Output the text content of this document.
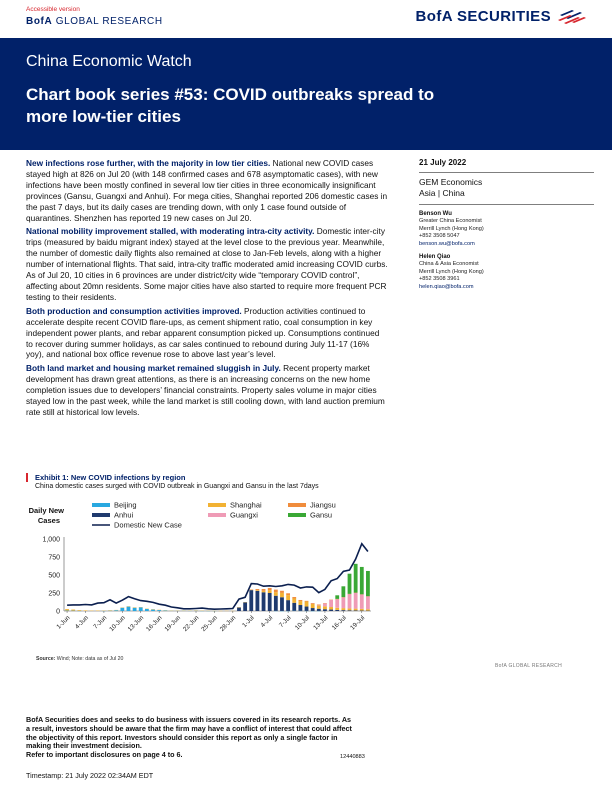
Accessible version
BofA GLOBAL RESEARCH	BofA SECURITIES
China Economic Watch
Chart book series #53: COVID outbreaks spread to more low-tier cities

New infections rose further, with the majority in low tier cities. National new COVID cases stayed high at 826 on Jul 20 (with 148 confirmed cases and 678 asymptomatic cases), with new infections have been mostly confined in several low tier cities in three economically insignificant provinces (Gansu, Guangxi and Anhui). For mega cities, Shanghai reported 206 domestic cases in the past 7 days, but its daily cases are trending down, with only 1 case found outside of quarantines. Shenzhen has reported 19 new cases on Jul 20.

National mobility improvement stalled, with moderating intra-city activity. Domestic inter-city trips (measured by baidu migrant index) stayed at the level close to the previous year. Meanwhile, the number of domestic daily flights also remained at close to Jan-Feb levels, along with a higher number of international flights. That said, intra-city traffic moderated amid increasing COVID curbs. As of Jul 20, 10 cities in 6 provinces are under district/city wide “temporary COVID control”, affecting about 20mn residents. Some major cities have also started to require more frequent PCR testing to their residents.

Both production and consumption activities improved. Production activities continued to accelerate despite recent COVID flare-ups, as cement shipment ratio, coal consumption in key independent power plants, and rebar apparent consumption picked up. Consumptions continued to recover during summer holidays, as car sales continued to rebound during July 11-17 (16% yoy), and national box office revenue rose to above last year’s level.

Both land market and housing market remained sluggish in July. Recent property market development has drawn great attentions, as there is an increasing concerns on the new home completion issues due to developers’ financial constraints. Property sales volume in major cities stayed low in the past week, while the land market is still cooling down, with land auction premium rate still at historical low levels.

21 July 2022
GEM Economics
Asia | China
Benson Wu
Greater China Economist
Merrill Lynch (Hong Kong)
+852 3508 5047
benson.wu@bofa.com
Helen Qiao
China & Asia Economist
Merrill Lynch (Hong Kong)
+852 3508 3961
helen.qiao@bofa.com
Exhibit 1: New COVID infections by region
China domestic cases surged with COVID outbreak in Guangxi and Gansu in the last 7days
Daily New
Cases
0
250
500
750
1,000
1-Jun 4-Jun 7-Jun 10-Jun 13-Jun 16-Jun 19-Jun 22-Jun 25-Jun 28-Jun 1-Jul 4-Jul 7-Jul 10-Jul 13-Jul 16-Jul 19-Jul
Beijing	Shanghai	Jiangsu
Anhui	Guangxi	Gansu
Domestic New Case
Source: Wind; Note: data as of Jul 20
BofA GLOBAL RESEARCH
BofA Securities does and seeks to do business with issuers covered in its research reports. As a result, investors should be aware that the firm may have a conflict of interest that could affect the objectivity of this report. Investors should consider this report as only a single factor in making their investment decision.
Refer to important disclosures on page 4 to 6.	12440883
Timestamp: 21 July 2022 02:34AM EDT
